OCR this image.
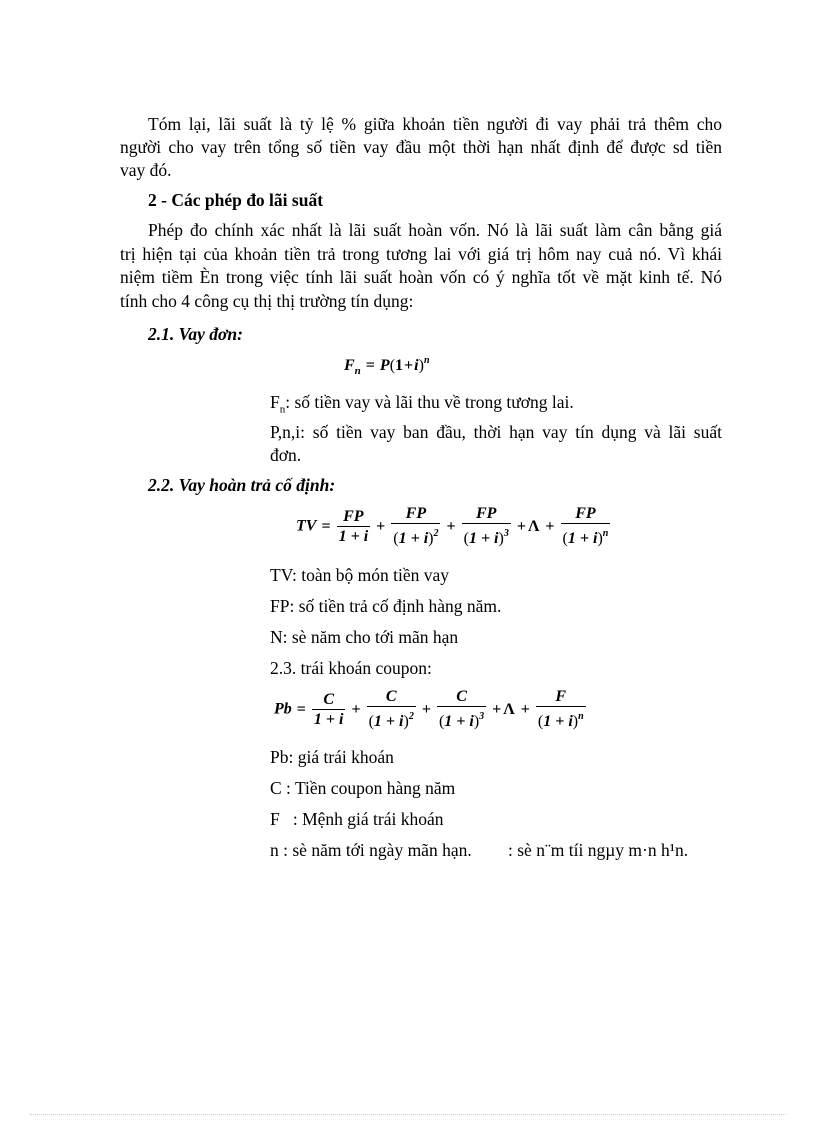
Tóm lại, lãi suất là tỷ lệ % giữa khoản tiền người đi vay phải trả thêm cho

người cho vay trên tổng số tiền vay đầu một thời hạn nhất định để được sd tiền

vay đó.

2 - Các phép đo lãi suất

Phép đo chính xác nhất là lãi suất hoàn vốn. Nó là lãi suất làm cân bằng giá

trị hiện tại của khoản tiền trả trong tương lai với giá trị hôm nay cuả nó. Vì khái

niệm tiềm Èn trong việc tính lãi suất hoàn vốn có ý nghĩa tốt về mặt kinh tế. Nó

tính cho 4 công cụ thị thị trường tín dụng:

2.1. Vay đơn:

$F_n = P(1+i)^n$

$F_n$: số tiền vay và lãi thu về trong tương lai.

P,n,i: số tiền vay ban đầu, thời hạn vay tín dụng và lãi suất

đơn.

2.2. Vay hoàn trả cố định:

TV = $\frac{FP}{1 + i} + \frac{FP}{(1 + i)^2} + \frac{FP}{(1 + i)^3} + \Lambda + \frac{FP}{(1 + i)^n}$

TV: toàn bộ món tiền vay

FP: số tiền trả cố định hàng năm.

N: sè năm cho tới mãn hạn

2.3. trái khoán coupon:

$Pb = \frac{C}{1 + i} + \frac{C}{(1 + i)^2} + \frac{C}{(1 + i)^3} + \Lambda + \frac{F}{(1 + i)^n}$

Pb: giá trái khoán

C : Tiền coupon hàng năm

F   : Mệnh giá trái khoán

n : sè năm tới ngày mãn hạn. : sè n¨m tíi ngµy m·n h¹n.
